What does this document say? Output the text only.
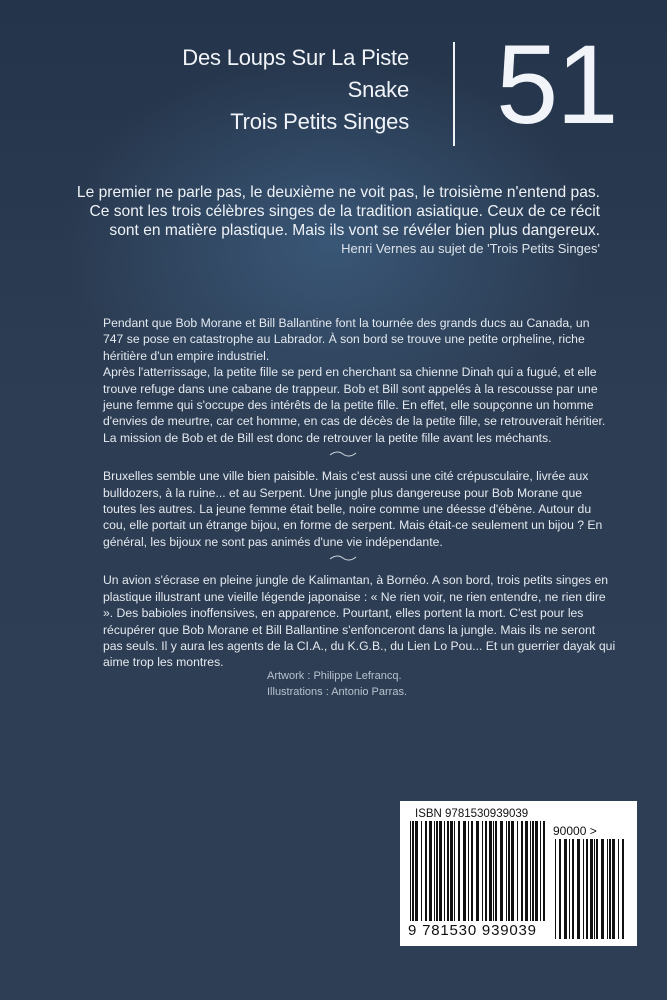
Des Loups Sur La Piste
Snake
Trois Petits Singes 51
Le premier ne parle pas, le deuxième ne voit pas, le troisième n'entend pas.
Ce sont les trois célèbres singes de la tradition asiatique. Ceux de ce récit
sont en matière plastique. Mais ils vont se révéler bien plus dangereux.
Henri Vernes au sujet de 'Trois Petits Singes'
Pendant que Bob Morane et Bill Ballantine font la tournée des grands ducs au Canada, un
747 se pose en catastrophe au Labrador. À son bord se trouve une petite orpheline, riche
héritière d'un empire industriel.
Après l'atterrissage, la petite fille se perd en cherchant sa chienne Dinah qui a fugué, et elle
trouve refuge dans une cabane de trappeur. Bob et Bill sont appelés à la rescousse par une
jeune femme qui s'occupe des intérêts de la petite fille. En effet, elle soupçonne un homme
d'envies de meurtre, car cet homme, en cas de décès de la petite fille, se retrouverait héritier.
La mission de Bob et de Bill est donc de retrouver la petite fille avant les méchants.
Bruxelles semble une ville bien paisible. Mais c'est aussi une cité crépusculaire, livrée aux
bulldozers, à la ruine... et au Serpent. Une jungle plus dangereuse pour Bob Morane que
toutes les autres. La jeune femme était belle, noire comme une déesse d'ébène. Autour du
cou, elle portait un étrange bijou, en forme de serpent. Mais était-ce seulement un bijou ? En
général, les bijoux ne sont pas animés d'une vie indépendante.
Un avion s'écrase en pleine jungle de Kalimantan, à Bornéo. A son bord, trois petits singes en
plastique illustrant une vieille légende japonaise : « Ne rien voir, ne rien entendre, ne rien dire
». Des babioles inoffensives, en apparence. Pourtant, elles portent la mort. C'est pour les
récupérer que Bob Morane et Bill Ballantine s'enfonceront dans la jungle. Mais ils ne seront
pas seuls. Il y aura les agents de la CI.A., du K.G.B., du Lien Lo Pou... Et un guerrier dayak qui
aime trop les montres.
Artwork : Philippe Lefrancq.
Illustrations : Antonio Parras.
ISBN 9781530939039
9 781530 939039
90000 >
